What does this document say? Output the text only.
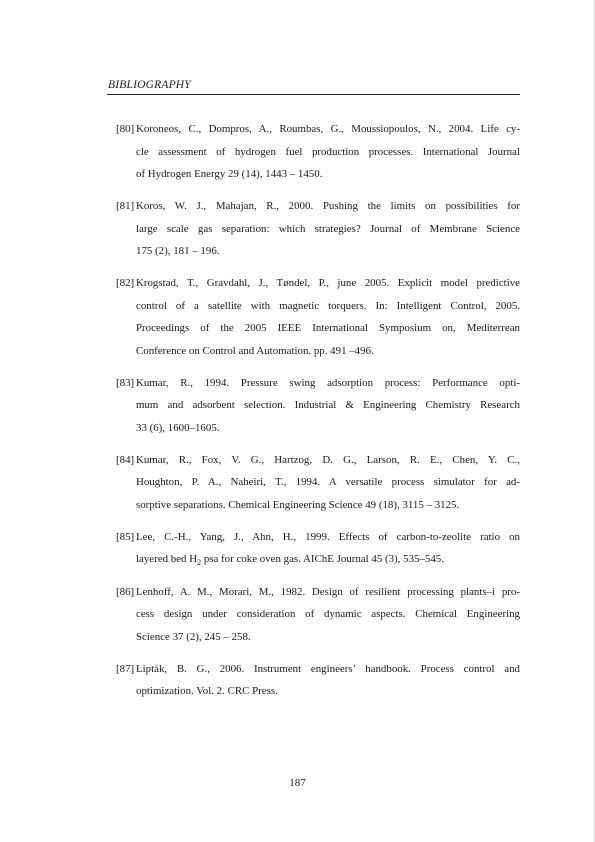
BIBLIOGRAPHY
[80] Koroneos, C., Dompros, A., Roumbas, G., Moussiopoulos, N., 2004. Life cy-
cle assessment of hydrogen fuel production processes. International Journal
of Hydrogen Energy 29 (14), 1443 – 1450.
[81] Koros, W. J., Mahajan, R., 2000. Pushing the limits on possibilities for
large scale gas separation: which strategies? Journal of Membrane Science
175 (2), 181 – 196.
[82] Krogstad, T., Gravdahl, J., Tøndel, P., june 2005. Explicit model predictive
control of a satellite with magnetic torquers. In: Intelligent Control, 2005.
Proceedings of the 2005 IEEE International Symposium on, Mediterrean
Conference on Control and Automation. pp. 491 –496.
[83] Kumar, R., 1994. Pressure swing adsorption process: Performance opti-
mum and adsorbent selection. Industrial & Engineering Chemistry Research
33 (6), 1600–1605.
[84] Kumar, R., Fox, V. G., Hartzog, D. G., Larson, R. E., Chen, Y. C.,
Houghton, P. A., Naheiri, T., 1994. A versatile process simulator for ad-
sorptive separations. Chemical Engineering Science 49 (18), 3115 – 3125.
[85] Lee, C.-H., Yang, J., Ahn, H., 1999. Effects of carbon-to-zeolite ratio on
layered bed $H_2$ psa for coke oven gas. AIChE Journal 45 (3), 535–545.
[86] Lenhoff, A. M., Morari, M., 1982. Design of resilient processing plants–i pro-
cess design under consideration of dynamic aspects. Chemical Engineering
Science 37 (2), 245 – 258.
[87] Lipták, B. G., 2006. Instrument engineers’ handbook. Process control and
optimization. Vol. 2. CRC Press.
187
